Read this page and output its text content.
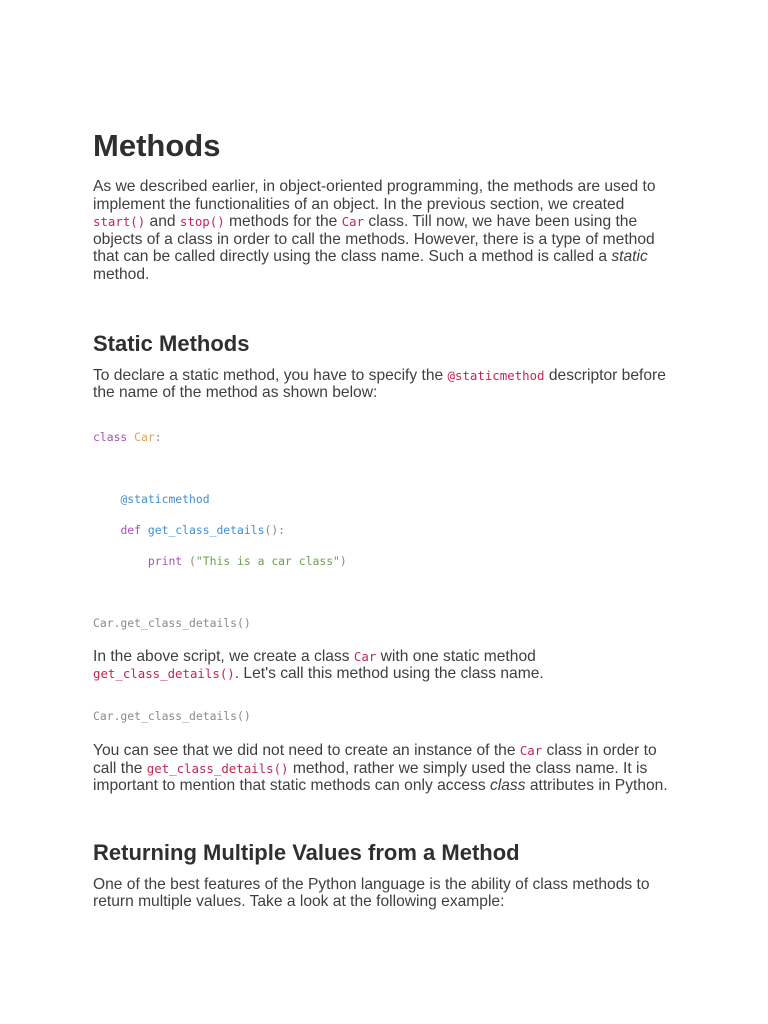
Methods

As we described earlier, in object-oriented programming, the methods are used to implement the functionalities of an object. In the previous section, we created start() and stop() methods for the Car class. Till now, we have been using the objects of a class in order to call the methods. However, there is a type of method that can be called directly using the class name. Such a method is called a static method.

Static Methods

To declare a static method, you have to specify the @staticmethod descriptor before the name of the method as shown below:

class Car:
@staticmethod
def get_class_details():
print ("This is a car class")
Car.get_class_details()

In the above script, we create a class Car with one static method get_class_details(). Let's call this method using the class name.

Car.get_class_details()

You can see that we did not need to create an instance of the Car class in order to call the get_class_details() method, rather we simply used the class name. It is important to mention that static methods can only access class attributes in Python.

Returning Multiple Values from a Method

One of the best features of the Python language is the ability of class methods to return multiple values. Take a look at the following example:
